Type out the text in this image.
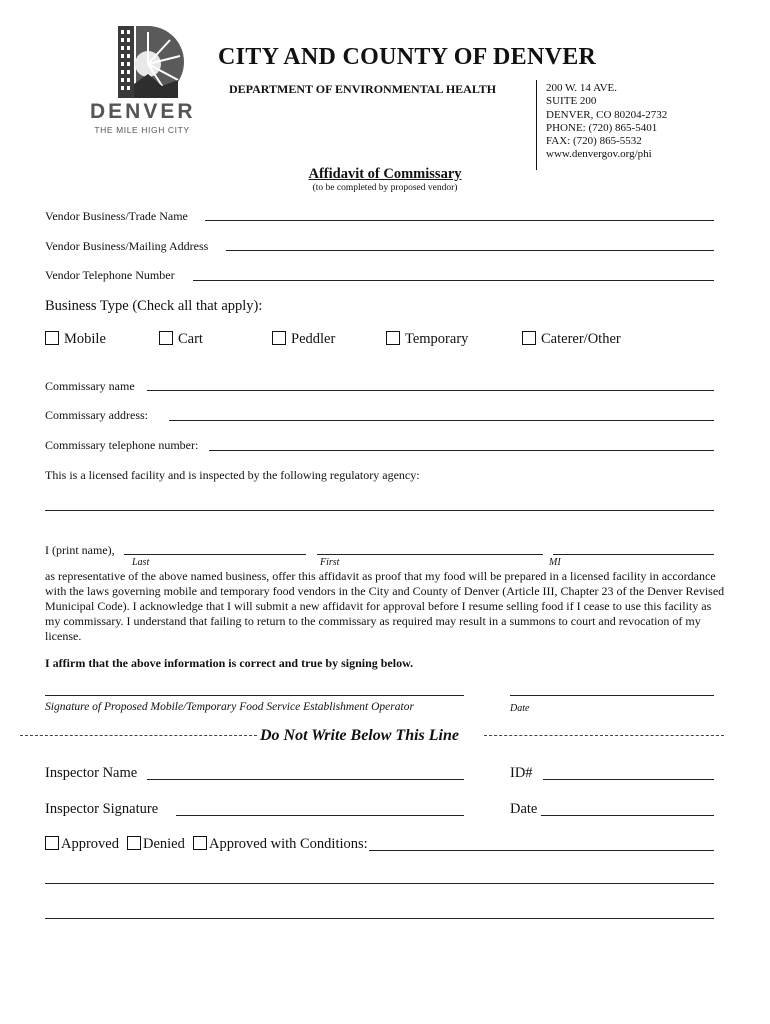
DENVER
THE MILE HIGH CITY
CITY AND COUNTY OF DENVER
DEPARTMENT OF ENVIRONMENTAL HEALTH	200 W. 14 AVE.
SUITE 200
DENVER, CO 80204-2732
PHONE: (720) 865-5401
FAX: (720) 865-5532
www.denvergov.org/phi
Affidavit of Commissary
(to be completed by proposed vendor)
Vendor Business/Trade Name
Vendor Business/Mailing Address
Vendor Telephone Number
Business Type (Check all that apply):
Mobile	Cart	Peddler	Temporary	Caterer/Other
Commissary name
Commissary address:
Commissary telephone number:
This is a licensed facility and is inspected by the following regulatory agency:
I (print name),
Last	First	MI
as representative of the above named business, offer this affidavit as proof that my food will be prepared in a licensed facility in accordance with the laws governing mobile and temporary food vendors in the City and County of Denver (Article III, Chapter 23 of the Denver Revised Municipal Code). I acknowledge that I will submit a new affidavit for approval before I resume selling food if I cease to use this facility as my commissary. I understand that failing to return to the commissary as required may result in a summons to court and revocation of my license.
I affirm that the above information is correct and true by signing below.
Signature of Proposed Mobile/Temporary Food Service Establishment Operator	Date
Do Not Write Below This Line
Inspector Name	ID#
Inspector Signature	Date
Approved	Denied	Approved with Conditions:
